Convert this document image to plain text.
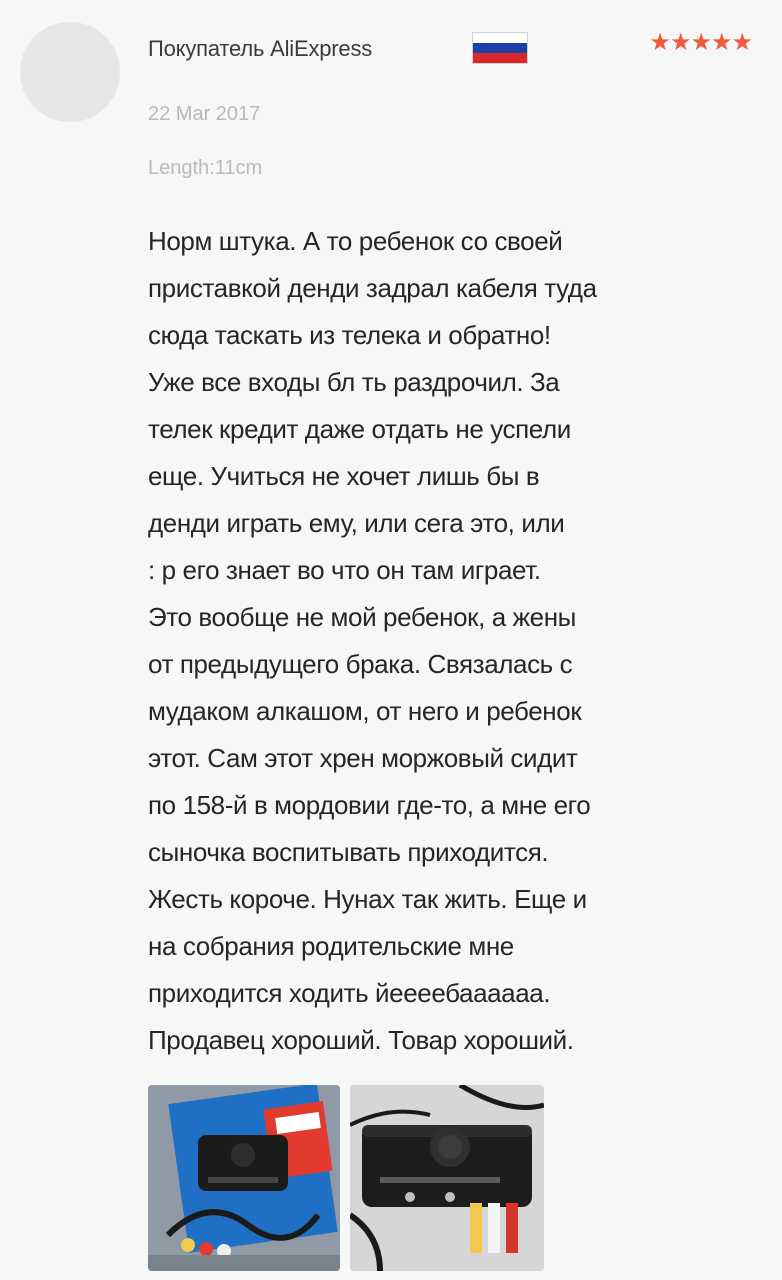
Покупатель AliExpress	★★★★★
22 Mar 2017
Length:11cm
Норм штука. А то ребенок со своей
приставкой денди задрал кабеля туда
сюда таскать из телека и обратно!
Уже все входы бл ть раздрочил. За
телек кредит даже отдать не успели
еще. Учиться не хочет лишь бы в
денди играть ему, или сега это, или
: р его знает во что он там играет.
Это вообще не мой ребенок, а жены
от предыдущего брака. Связалась с
мудаком алкашом, от него и ребенок
этот. Сам этот хрен моржовый сидит
по 158-й в мордовии где-то, а мне его
сыночка воспитывать приходится.
Жесть короче. Нунах так жить. Еще и
на собрания родительские мне
приходится ходить йеееебаааааа.
Продавец хороший. Товар хороший.
